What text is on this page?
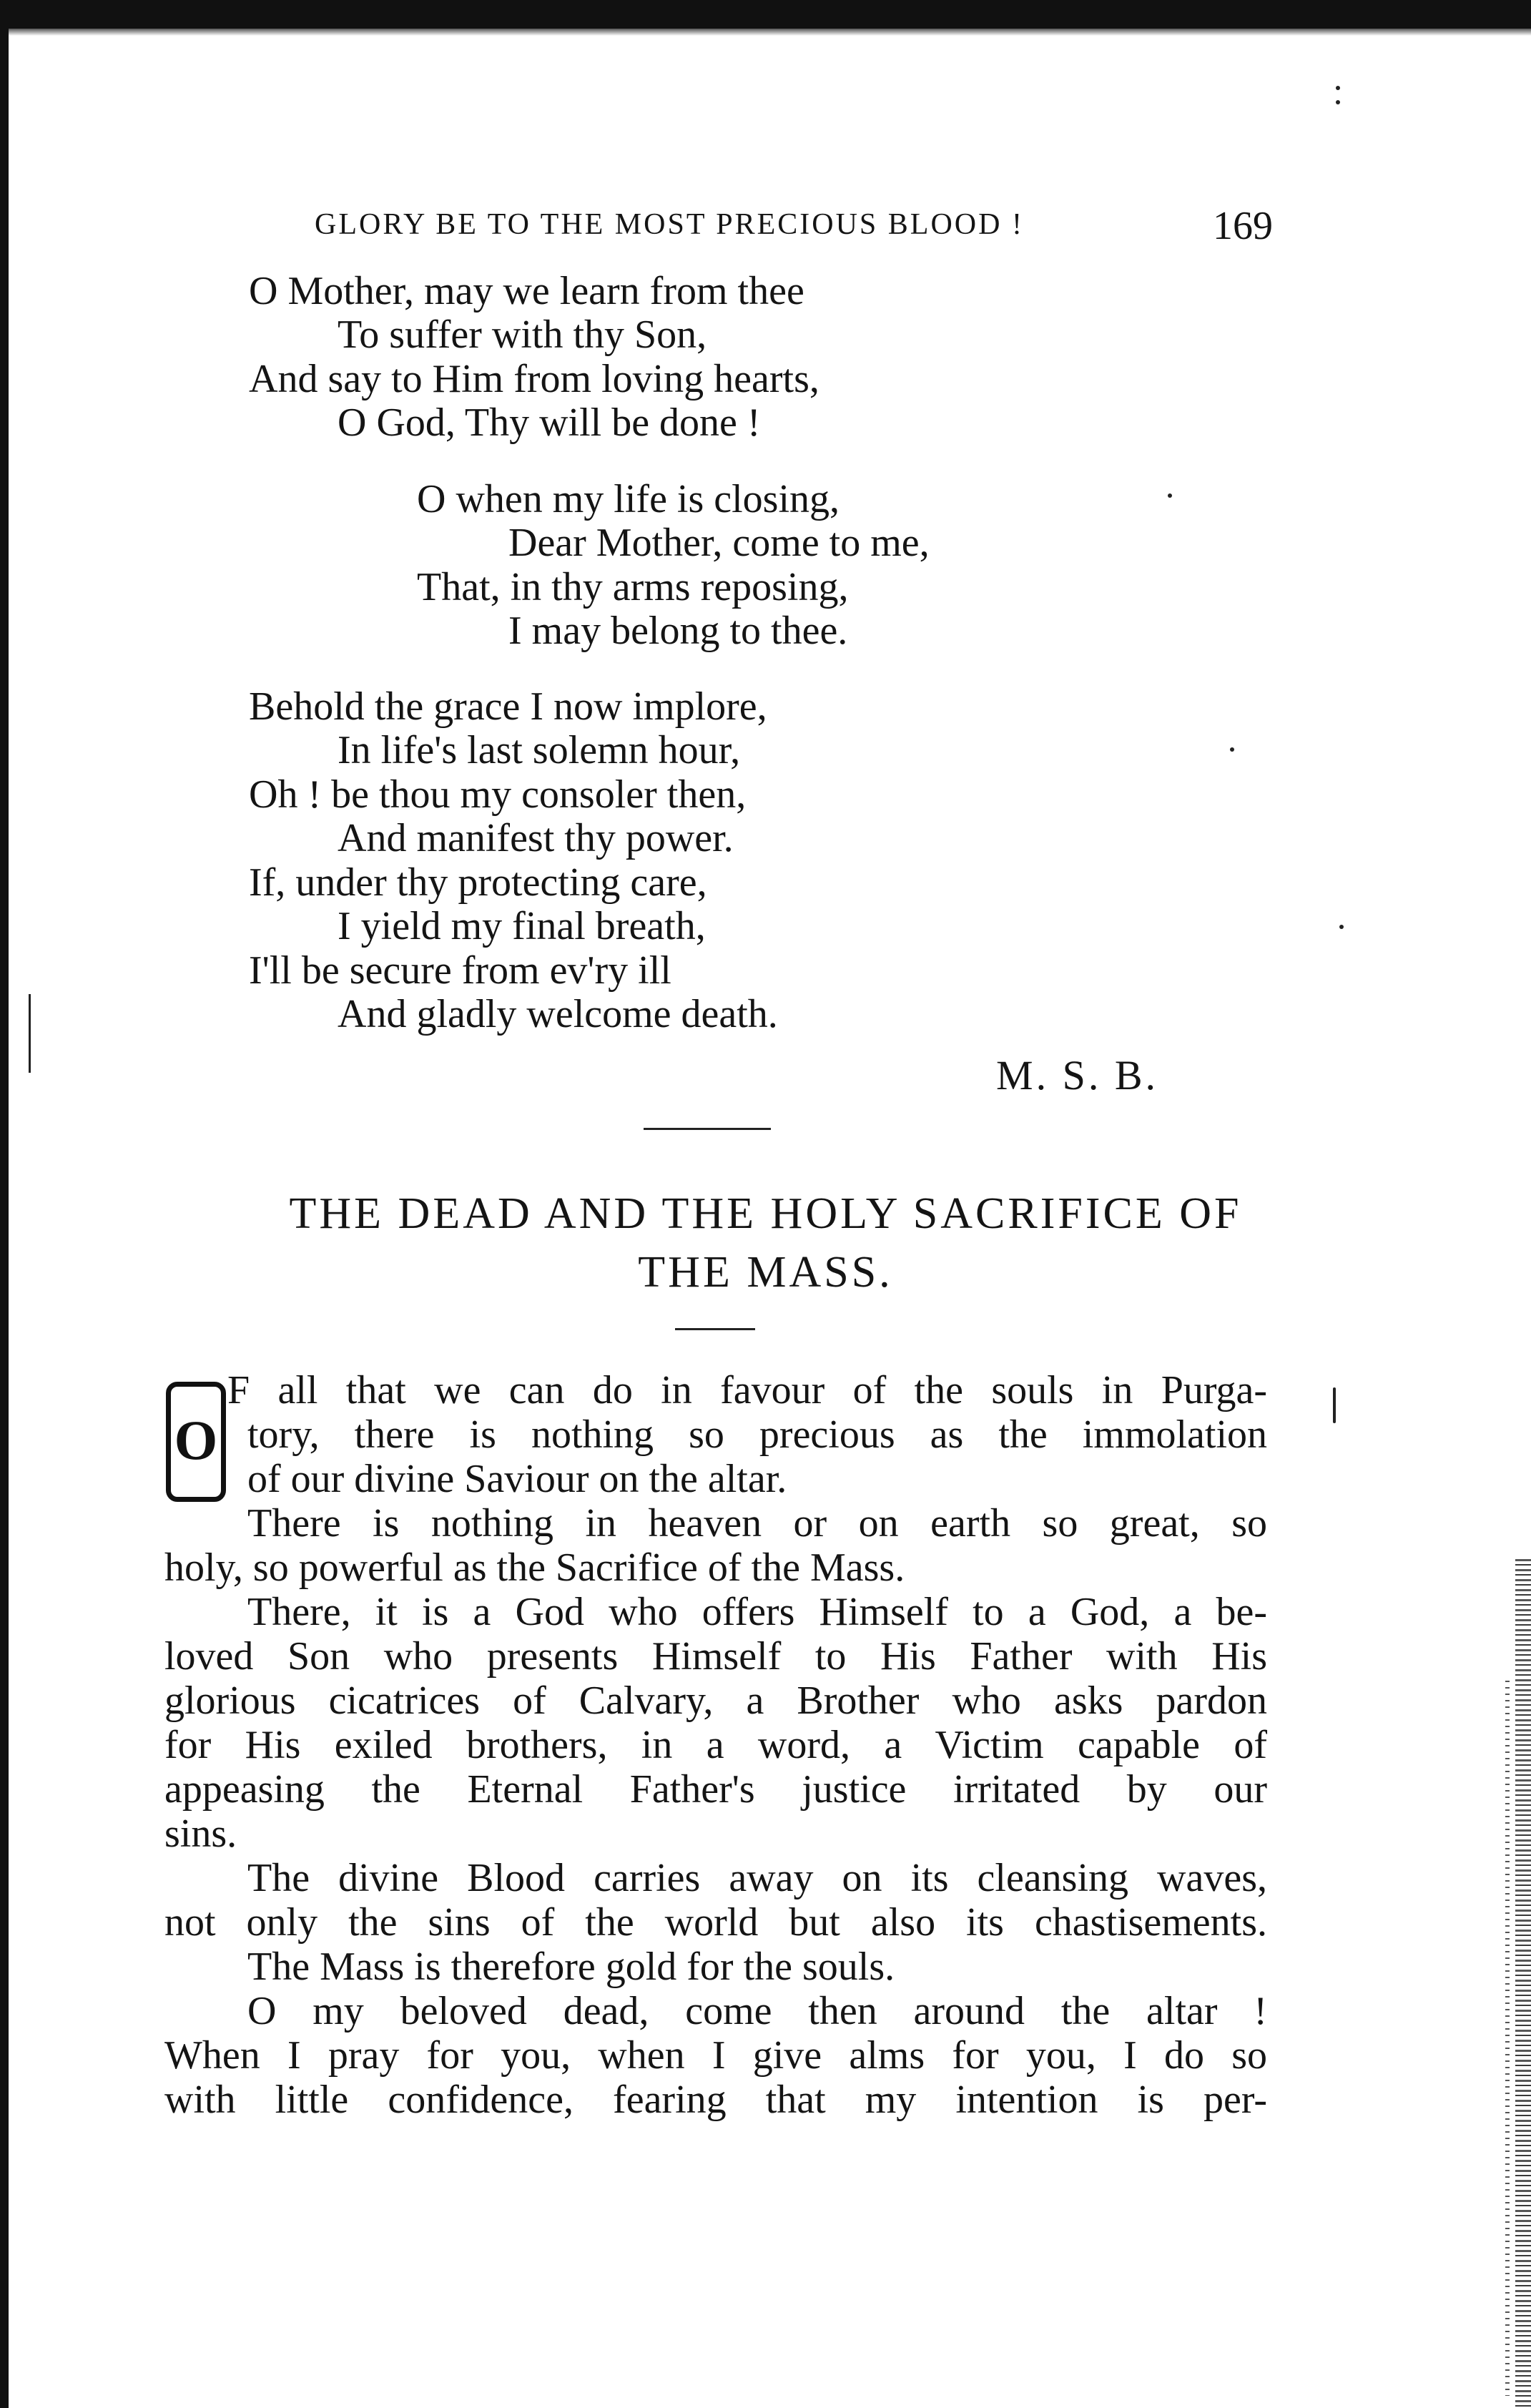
GLORY BE TO THE MOST PRECIOUS BLOOD !	169
O Mother, may we learn from thee
To suffer with thy Son,
And say to Him from loving hearts,
O God, Thy will be done !
O when my life is closing,
Dear Mother, come to me,
That, in thy arms reposing,
I may belong to thee.
Behold the grace I now implore,
In life's last solemn hour,
Oh ! be thou my consoler then,
And manifest thy power.
If, under thy protecting care,
I yield my final breath,
I'll be secure from ev'ry ill
And gladly welcome death.
M. S. B.
THE DEAD AND THE HOLY SACRIFICE OF
THE MASS.
O
F all that we can do in favour of the souls in Purga-
tory, there is nothing so precious as the immolation
of our divine Saviour on the altar.
There is nothing in heaven or on earth so great, so
holy, so powerful as the Sacrifice of the Mass.
There, it is a God who offers Himself to a God, a be-
loved Son who presents Himself to His Father with His
glorious cicatrices of Calvary, a Brother who asks pardon
for His exiled brothers, in a word, a Victim capable of
appeasing the Eternal Father's justice irritated by our
sins.
The divine Blood carries away on its cleansing waves,
not only the sins of the world but also its chastisements.
The Mass is therefore gold for the souls.
O my beloved dead, come then around the altar !
When I pray for you, when I give alms for you, I do so
with little confidence, fearing that my intention is per-
